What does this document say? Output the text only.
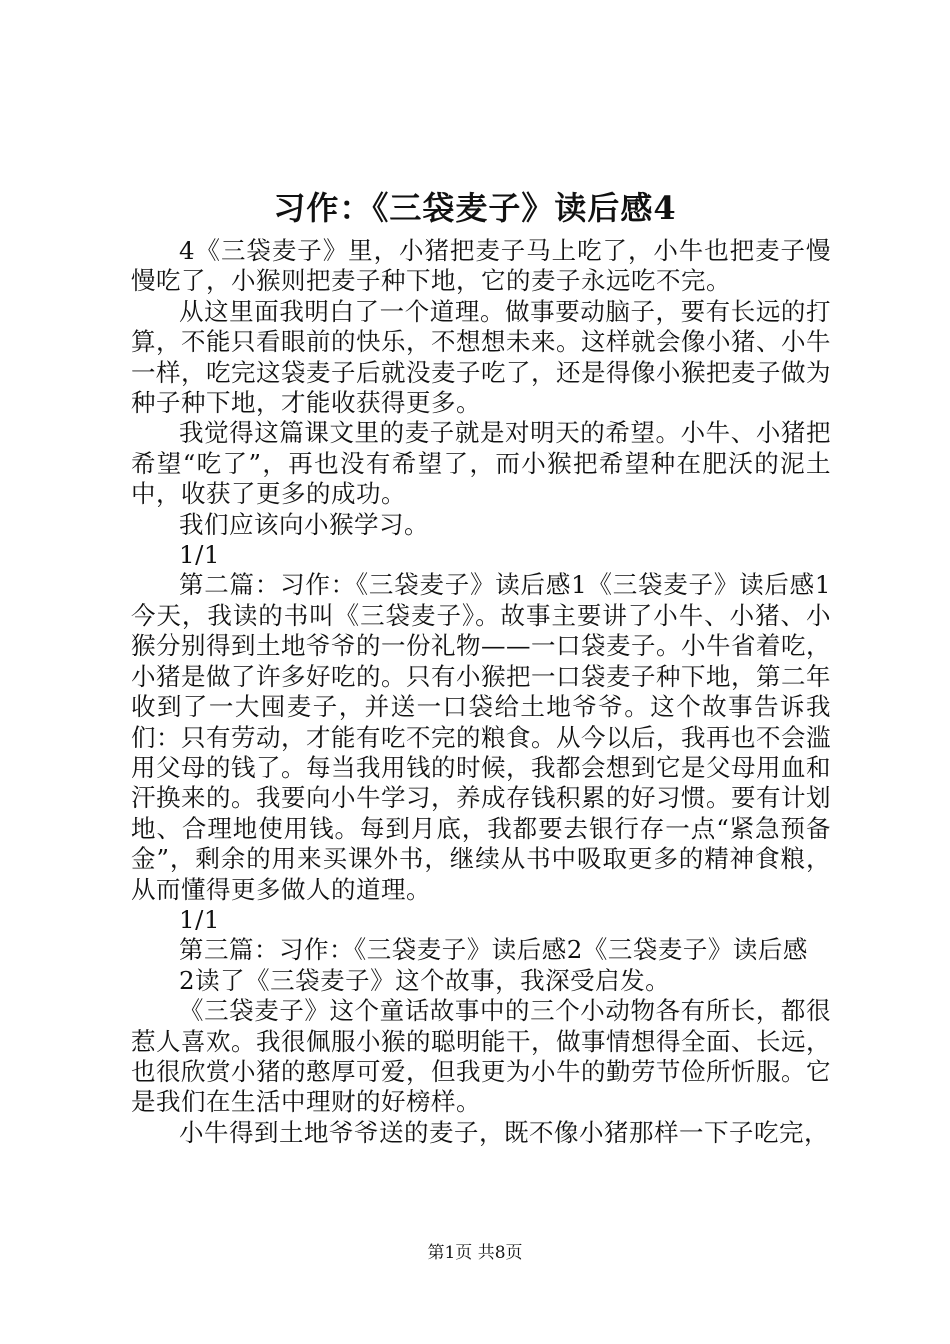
习作：《三袋麦子》读后感4

4《三袋麦子》里，小猪把麦子马上吃了，小牛也把麦子慢慢吃了，小猴则把麦子种下地，它的麦子永远吃不完。

从这里面我明白了一个道理。做事要动脑子，要有长远的打算，不能只看眼前的快乐，不想想未来。这样就会像小猪、小牛一样，吃完这袋麦子后就没麦子吃了，还是得像小猴把麦子做为种子种下地，才能收获得更多。

我觉得这篇课文里的麦子就是对明天的希望。小牛、小猪把希望“吃了”，再也没有希望了，而小猴把希望种在肥沃的泥土中，收获了更多的成功。

我们应该向小猴学习。

1/1

第二篇：习作：《三袋麦子》读后感1《三袋麦子》读后感1今天，我读的书叫《三袋麦子》。故事主要讲了小牛、小猪、小猴分别得到土地爷爷的一份礼物——一口袋麦子。小牛省着吃，小猪是做了许多好吃的。只有小猴把一口袋麦子种下地，第二年收到了一大囤麦子，并送一口袋给土地爷爷。这个故事告诉我们：只有劳动，才能有吃不完的粮食。从今以后，我再也不会滥用父母的钱了。每当我用钱的时候，我都会想到它是父母用血和汗换来的。我要向小牛学习，养成存钱积累的好习惯。要有计划地、合理地使用钱。每到月底，我都要去银行存一点“紧急预备金”，剩余的用来买课外书，继续从书中吸取更多的精神食粮，从而懂得更多做人的道理。

1/1

第三篇：习作：《三袋麦子》读后感2《三袋麦子》读后感

2读了《三袋麦子》这个故事，我深受启发。

《三袋麦子》这个童话故事中的三个小动物各有所长，都很惹人喜欢。我很佩服小猴的聪明能干，做事情想得全面、长远，也很欣赏小猪的憨厚可爱，但我更为小牛的勤劳节俭所忻服。它是我们在生活中理财的好榜样。

小牛得到土地爷爷送的麦子，既不像小猪那样一下子吃完，

第1页 共8页
